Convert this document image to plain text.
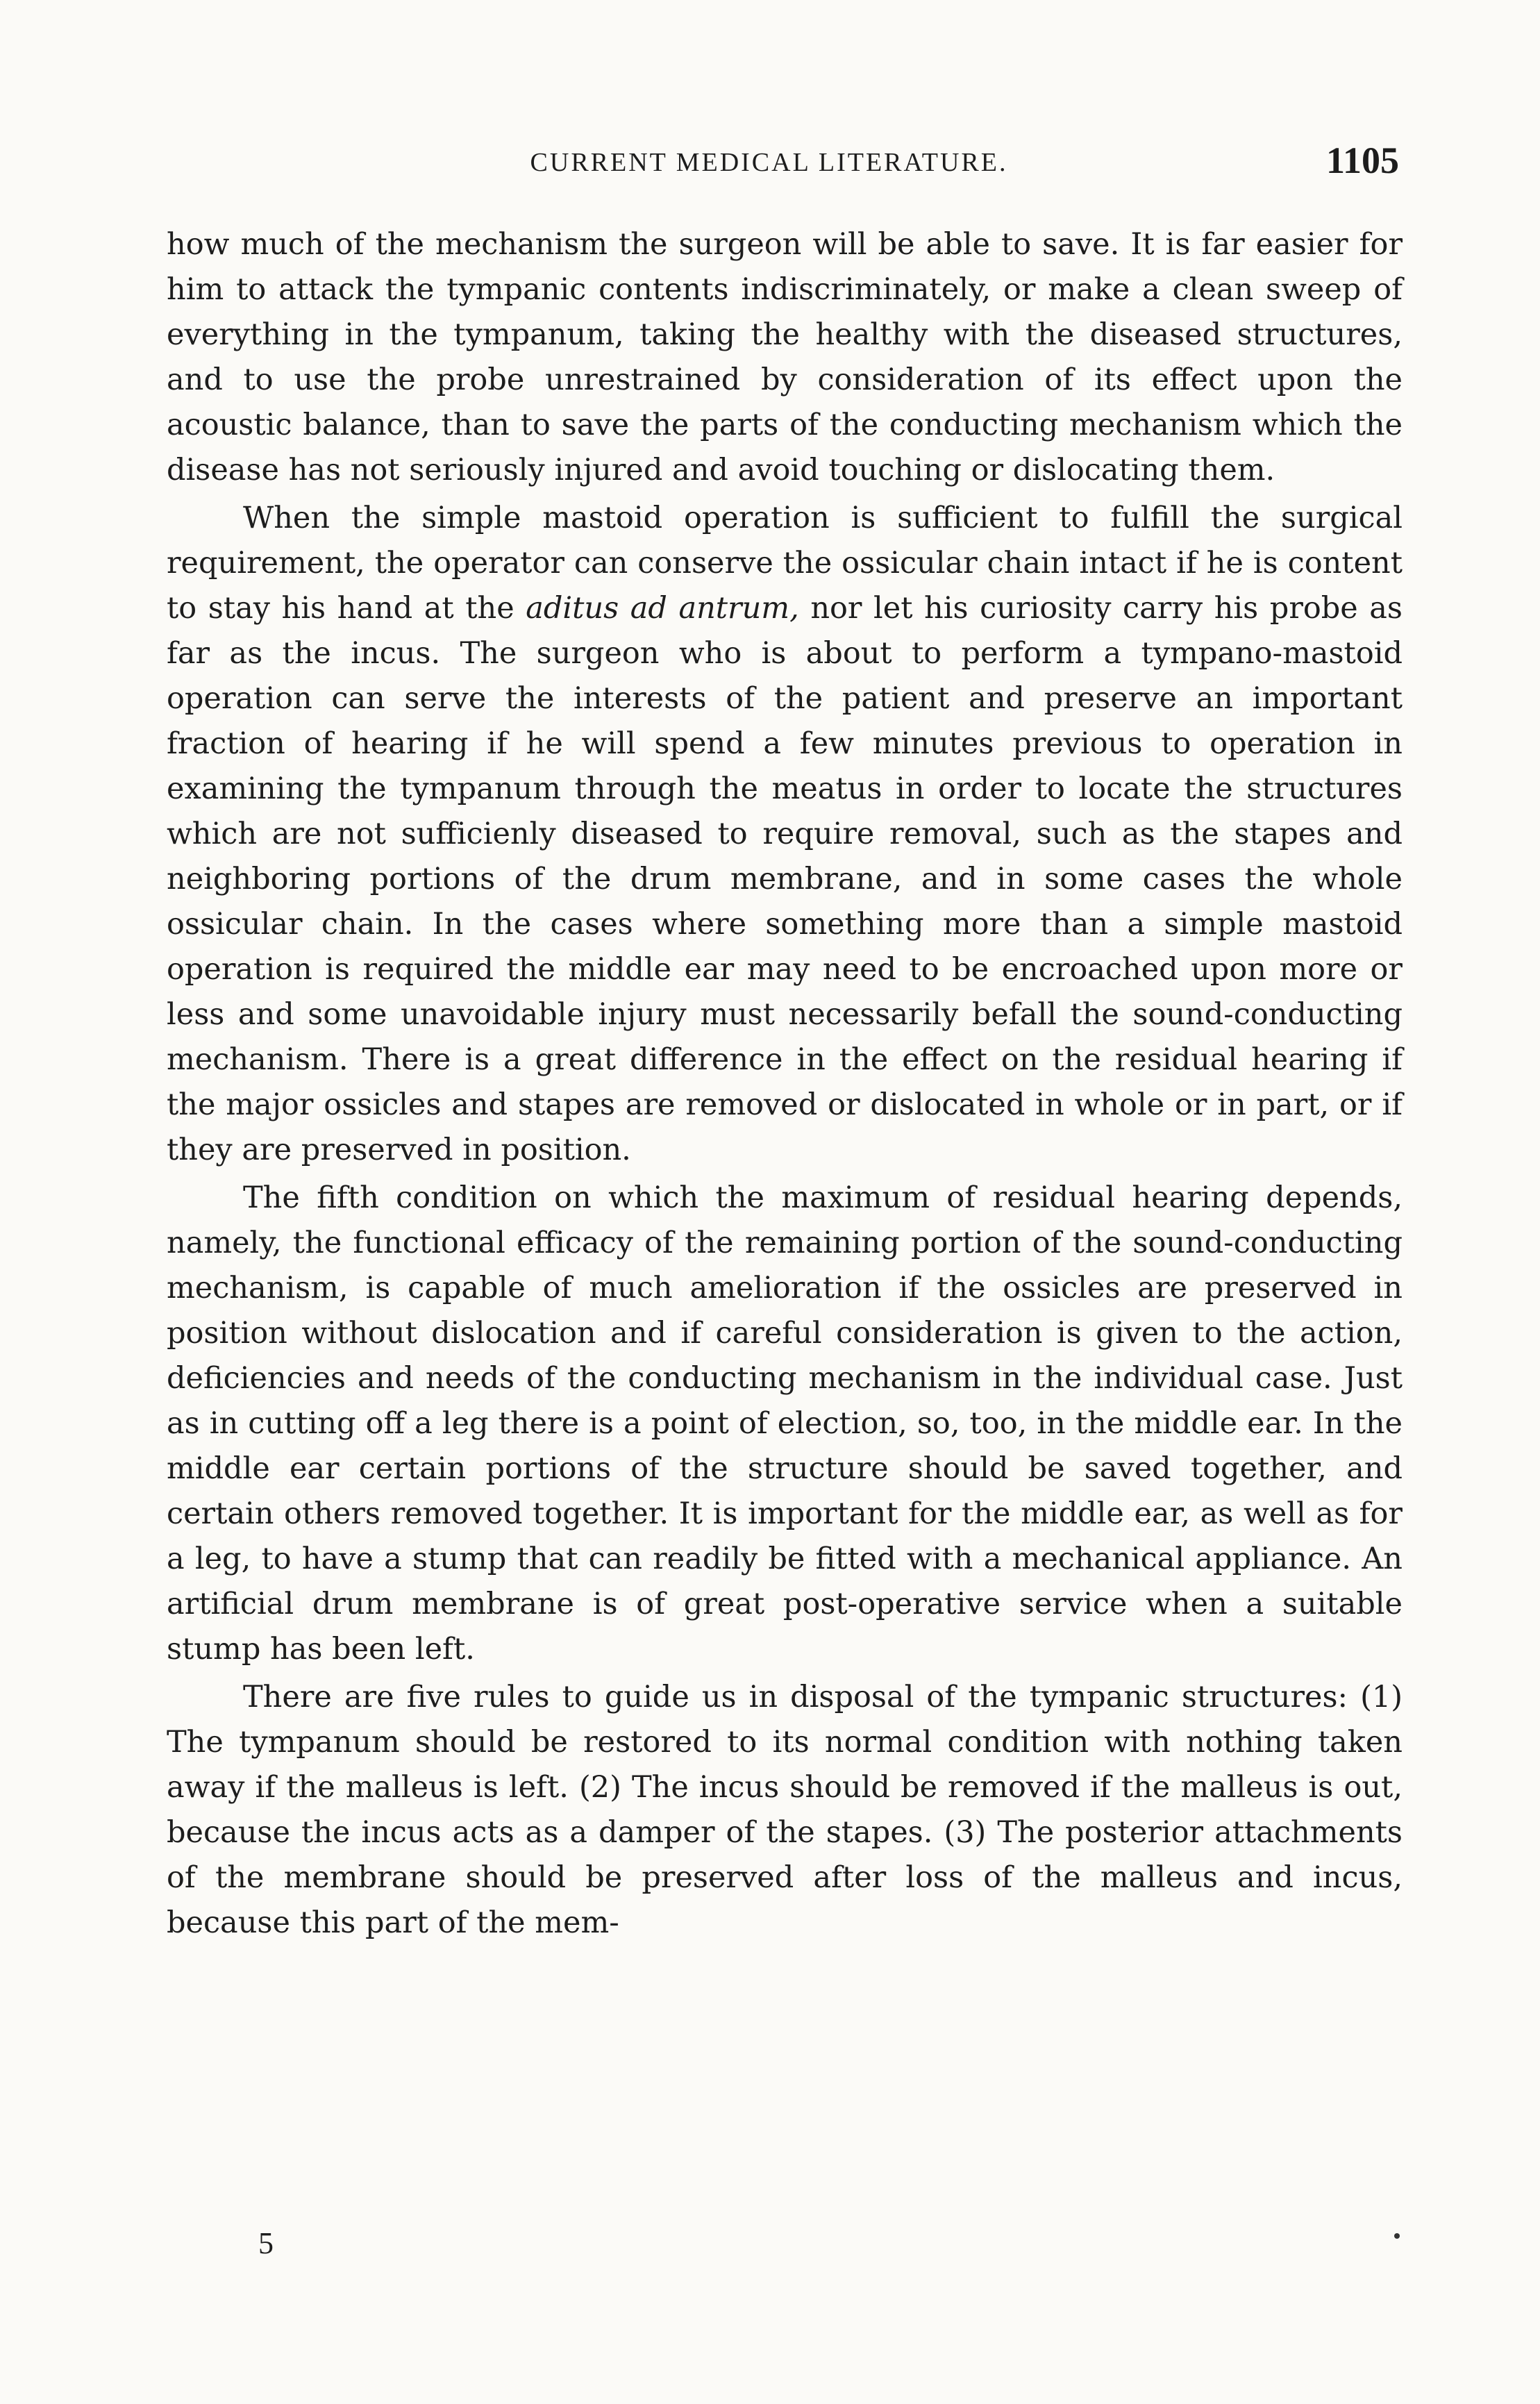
CURRENT MEDICAL LITERATURE.	1105

how much of the mechanism the surgeon will be able to save. It is far easier for him to attack the tympanic contents indiscriminately, or make a clean sweep of everything in the tympanum, taking the healthy with the diseased structures, and to use the probe unrestrained by consideration of its effect upon the acoustic balance, than to save the parts of the conducting mechanism which the disease has not seriously injured and avoid touching or dislocating them.

When the simple mastoid operation is sufficient to fulfill the surgical requirement, the operator can conserve the ossicular chain intact if he is content to stay his hand at the aditus ad antrum, nor let his curiosity carry his probe as far as the incus. The surgeon who is about to perform a tympano-mastoid operation can serve the interests of the patient and preserve an important fraction of hearing if he will spend a few minutes previous to operation in examining the tympanum through the meatus in order to locate the structures which are not sufficienly diseased to require removal, such as the stapes and neighboring portions of the drum membrane, and in some cases the whole ossicular chain. In the cases where something more than a simple mastoid operation is required the middle ear may need to be encroached upon more or less and some unavoidable injury must necessarily befall the sound-conducting mechanism. There is a great difference in the effect on the residual hearing if the major ossicles and stapes are removed or dislocated in whole or in part, or if they are preserved in position.

The fifth condition on which the maximum of residual hearing depends, namely, the functional efficacy of the remaining portion of the sound-conducting mechanism, is capable of much amelioration if the ossicles are preserved in position without dislocation and if careful consideration is given to the action, deficiencies and needs of the conducting mechanism in the individual case. Just as in cutting off a leg there is a point of election, so, too, in the middle ear. In the middle ear certain portions of the structure should be saved together, and certain others removed together. It is important for the middle ear, as well as for a leg, to have a stump that can readily be fitted with a mechanical appliance. An artificial drum membrane is of great post-operative service when a suitable stump has been left.

There are five rules to guide us in disposal of the tympanic structures: (1) The tympanum should be restored to its normal condition with nothing taken away if the malleus is left. (2) The incus should be removed if the malleus is out, because the incus acts as a damper of the stapes. (3) The posterior attachments of the membrane should be preserved after loss of the malleus and incus, because this part of the mem-

5
